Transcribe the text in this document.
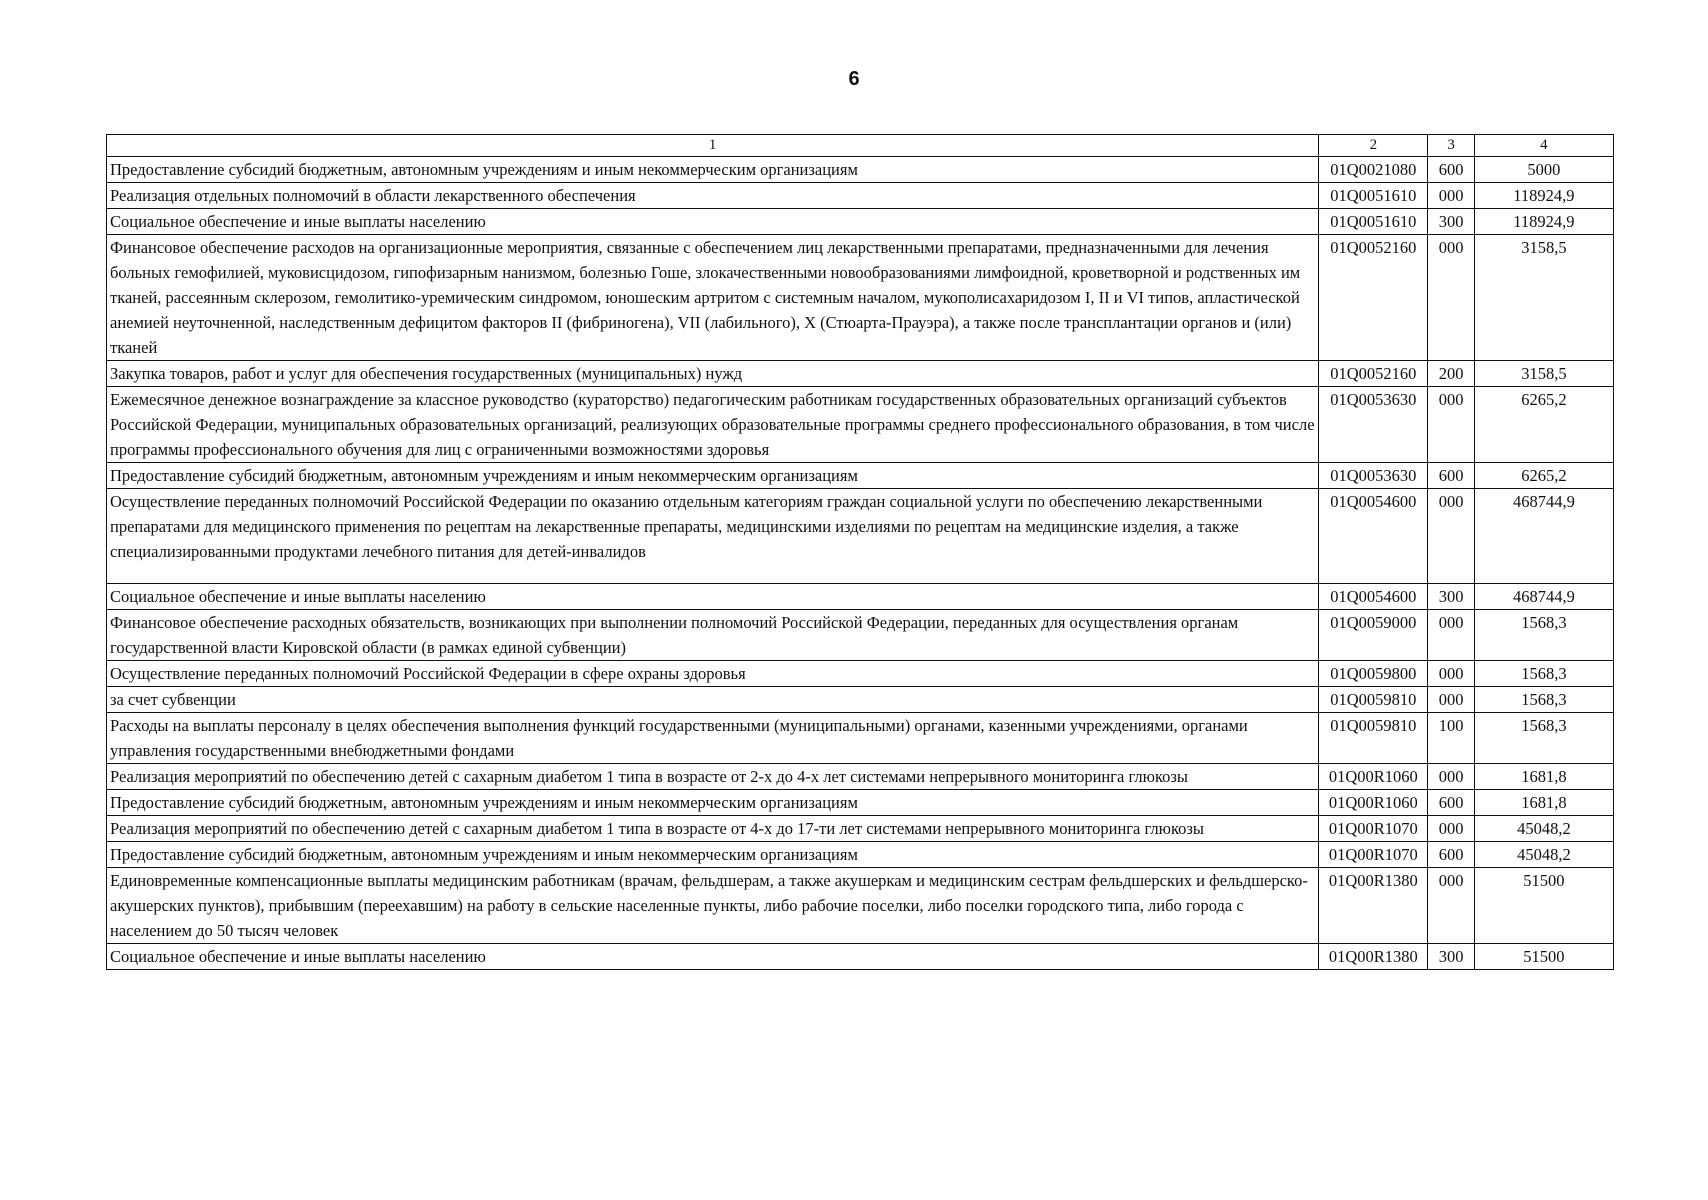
6
1	2	3	4
Предоставление субсидий бюджетным, автономным учреждениям и иным некоммерческим организациям	01Q0021080	600	5000
Реализация отдельных полномочий в области лекарственного обеспечения	01Q0051610	000	118924,9
Социальное обеспечение и иные выплаты населению	01Q0051610	300	118924,9
Финансовое обеспечение расходов на организационные мероприятия, связанные с обеспечением лиц лекарственными препаратами, предназначенными для лечения больных гемофилией, муковисцидозом, гипофизарным нанизмом, болезнью Гоше, злокачественными новообразованиями лимфоидной, кроветворной и родственных им тканей, рассеянным склерозом, гемолитико-уремическим синдромом, юношеским артритом с системным началом, мукополисахаридозом I, II и VI типов, апластической анемией неуточненной, наследственным дефицитом факторов II (фибриногена), VII (лабильного), X (Стюарта-Прауэра), а также после трансплантации органов и (или) тканей	01Q0052160	000	3158,5
Закупка товаров, работ и услуг для обеспечения государственных (муниципальных) нужд	01Q0052160	200	3158,5
Ежемесячное денежное вознаграждение за классное руководство (кураторство) педагогическим работникам государственных образовательных организаций субъектов Российской Федерации, муниципальных образовательных организаций, реализующих образовательные программы среднего профессионального образования, в том числе программы профессионального обучения для лиц с ограниченными возможностями здоровья	01Q0053630	000	6265,2
Предоставление субсидий бюджетным, автономным учреждениям и иным некоммерческим организациям	01Q0053630	600	6265,2
Осуществление переданных полномочий Российской Федерации по оказанию отдельным категориям граждан социальной услуги по обеспечению лекарственными препаратами для медицинского применения по рецептам на лекарственные препараты, медицинскими изделиями по рецептам на медицинские изделия, а также специализированными продуктами лечебного питания для детей-инвалидов	01Q0054600	000	468744,9
Социальное обеспечение и иные выплаты населению	01Q0054600	300	468744,9
Финансовое обеспечение расходных обязательств, возникающих при выполнении полномочий Российской Федерации, переданных для осуществления органам государственной власти Кировской области (в рамках единой субвенции)	01Q0059000	000	1568,3
Осуществление переданных полномочий Российской Федерации в сфере охраны здоровья	01Q0059800	000	1568,3
за счет субвенции	01Q0059810	000	1568,3
Расходы на выплаты персоналу в целях обеспечения выполнения функций государственными (муниципальными) органами, казенными учреждениями, органами управления государственными внебюджетными фондами	01Q0059810	100	1568,3
Реализация мероприятий по обеспечению детей с сахарным диабетом 1 типа в возрасте от 2-х до 4-х лет системами непрерывного мониторинга глюкозы	01Q00R1060	000	1681,8
Предоставление субсидий бюджетным, автономным учреждениям и иным некоммерческим организациям	01Q00R1060	600	1681,8
Реализация мероприятий по обеспечению детей с сахарным диабетом 1 типа в возрасте от 4-х до 17-ти лет системами непрерывного мониторинга глюкозы	01Q00R1070	000	45048,2
Предоставление субсидий бюджетным, автономным учреждениям и иным некоммерческим организациям	01Q00R1070	600	45048,2
Единовременные компенсационные выплаты медицинским работникам (врачам, фельдшерам, а также акушеркам и медицинским сестрам фельдшерских и фельдшерско-акушерских пунктов), прибывшим (переехавшим) на работу в сельские населенные пункты, либо рабочие поселки, либо поселки городского типа, либо города с населением до 50 тысяч человек	01Q00R1380	000	51500
Социальное обеспечение и иные выплаты населению	01Q00R1380	300	51500
